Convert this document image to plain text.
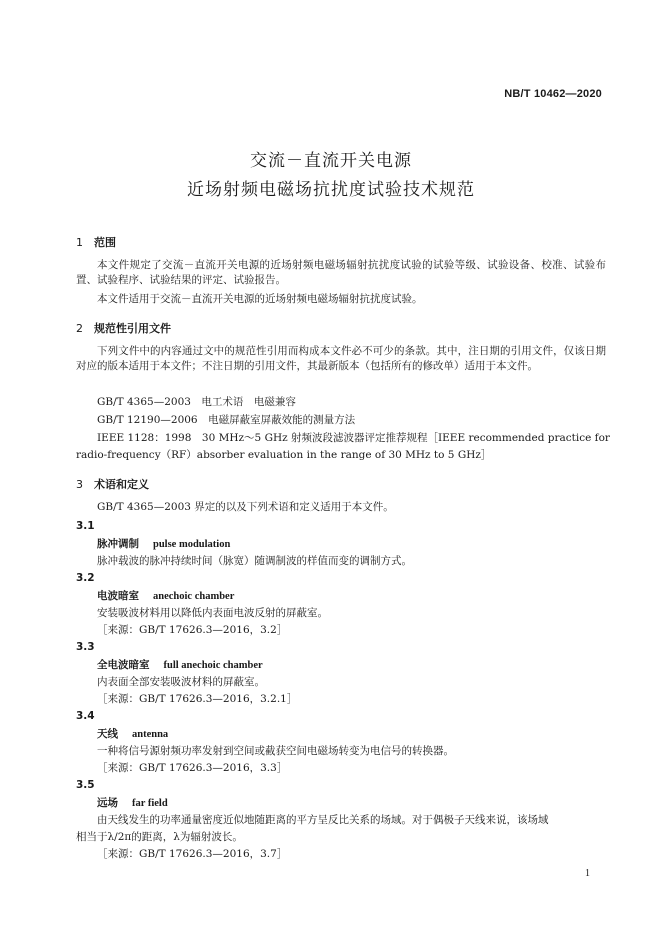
NB/T 10462—2020
交流－直流开关电源
近场射频电磁场抗扰度试验技术规范
1 范围
本文件规定了交流－直流开关电源的近场射频电磁场辐射抗扰度试验的试验等级、试验设备、校准、试验布置、试验程序、试验结果的评定、试验报告。
本文件适用于交流－直流开关电源的近场射频电磁场辐射抗扰度试验。
2 规范性引用文件
下列文件中的内容通过文中的规范性引用而构成本文件必不可少的条款。其中，注日期的引用文件，仅该日期对应的版本适用于本文件；不注日期的引用文件，其最新版本（包括所有的修改单）适用于本文件。
GB/T 4365—2003　电工术语　电磁兼容
GB/T 12190—2006　电磁屏蔽室屏蔽效能的测量方法
IEEE 1128：1998　30 MHz～5 GHz 射频波段滤波器评定推荐规程［IEEE recommended practice for
radio-frequency（RF）absorber evaluation in the range of 30 MHz to 5 GHz］
3 术语和定义
GB/T 4365—2003 界定的以及下列术语和定义适用于本文件。
3.1
脉冲调制 pulse modulation
脉冲载波的脉冲持续时间（脉宽）随调制波的样值而变的调制方式。
3.2
电波暗室 anechoic chamber
安装吸波材料用以降低内表面电波反射的屏蔽室。
［来源：GB/T 17626.3—2016，3.2］
3.3
全电波暗室 full anechoic chamber
内表面全部安装吸波材料的屏蔽室。
［来源：GB/T 17626.3—2016，3.2.1］
3.4
天线 antenna
一种将信号源射频功率发射到空间或截获空间电磁场转变为电信号的转换器。
［来源：GB/T 17626.3—2016，3.3］
3.5
远场 far field
由天线发生的功率通量密度近似地随距离的平方呈反比关系的场域。对于偶极子天线来说，该场域
相当于λ/2π的距离，λ为辐射波长。
［来源：GB/T 17626.3—2016，3.7］
1
